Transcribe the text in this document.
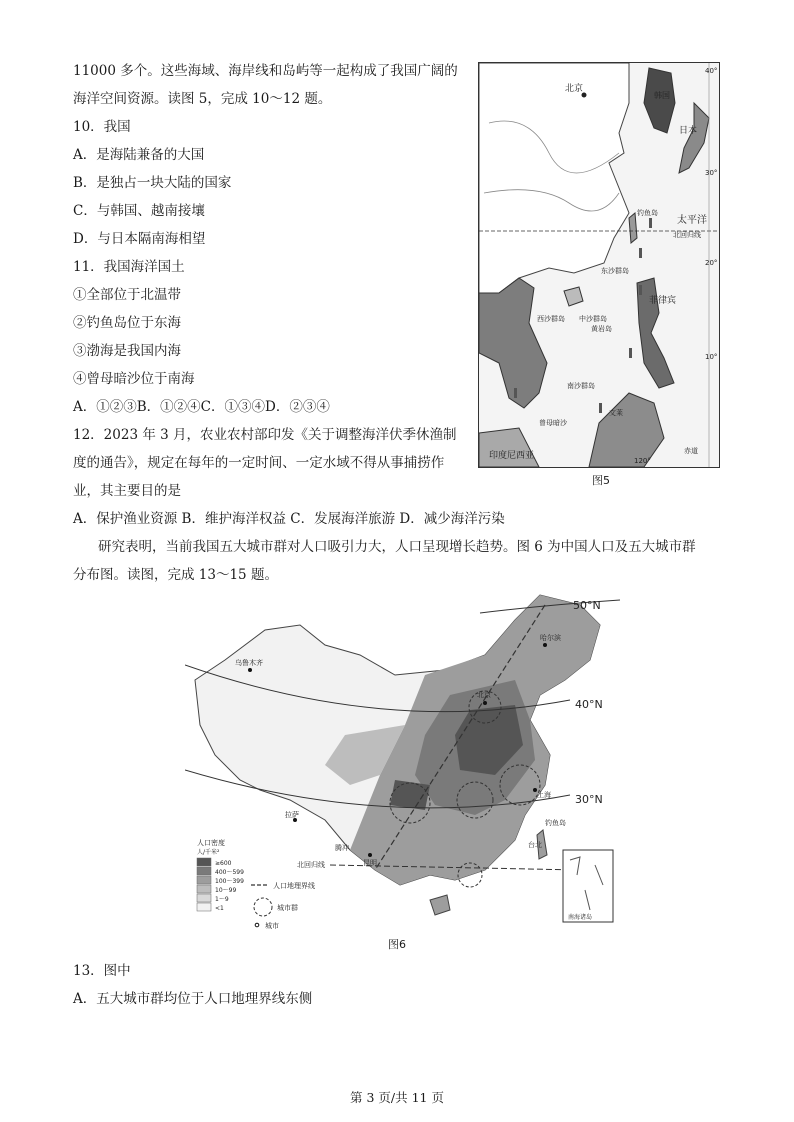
11000 多个。这些海域、海岸线和岛屿等一起构成了我国广阔的
海洋空间资源。读图 5，完成 10～12 题。
10．我国
A．是海陆兼备的大国
B．是独占一块大陆的国家
C．与韩国、越南接壤
D．与日本隔南海相望
11．我国海洋国土
①全部位于北温带
②钓鱼岛位于东海
③渤海是我国内海
④曾母暗沙位于南海
A．①②③B．①②④C．①③④D．②③④
12．2023 年 3 月，农业农村部印发《关于调整海洋伏季休渔制
度的通告》，规定在每年的一定时间、一定水域不得从事捕捞作
业，其主要目的是
A．保护渔业资源 B．维护海洋权益 C．发展海洋旅游 D．减少海洋污染
研究表明，当前我国五大城市群对人口吸引力大，人口呈现增长趋势。图 6 为中国人口及五大城市群
分布图。读图，完成 13～15 题。
北京
韩国
日本
钓鱼岛
北回归线
东沙群岛
西沙群岛 中沙群岛
黄岩岛
菲律宾
太平洋
南沙群岛
文莱
曾母暗沙
印度尼西亚
40°
30°
20°
10°
120°
赤道
图5
50°N
40°N
30°N
乌鲁木齐
哈尔滨
北京
上海
拉萨
昆明
腾冲
北回归线
钓鱼岛
台北
南海诸岛
人口密度
人/千米²
≥600
400～599
100～399
10～99
1～9
<1
人口地理界线
城市群
城市
图6
13．图中
A．五大城市群均位于人口地理界线东侧
第 3 页/共 11 页
